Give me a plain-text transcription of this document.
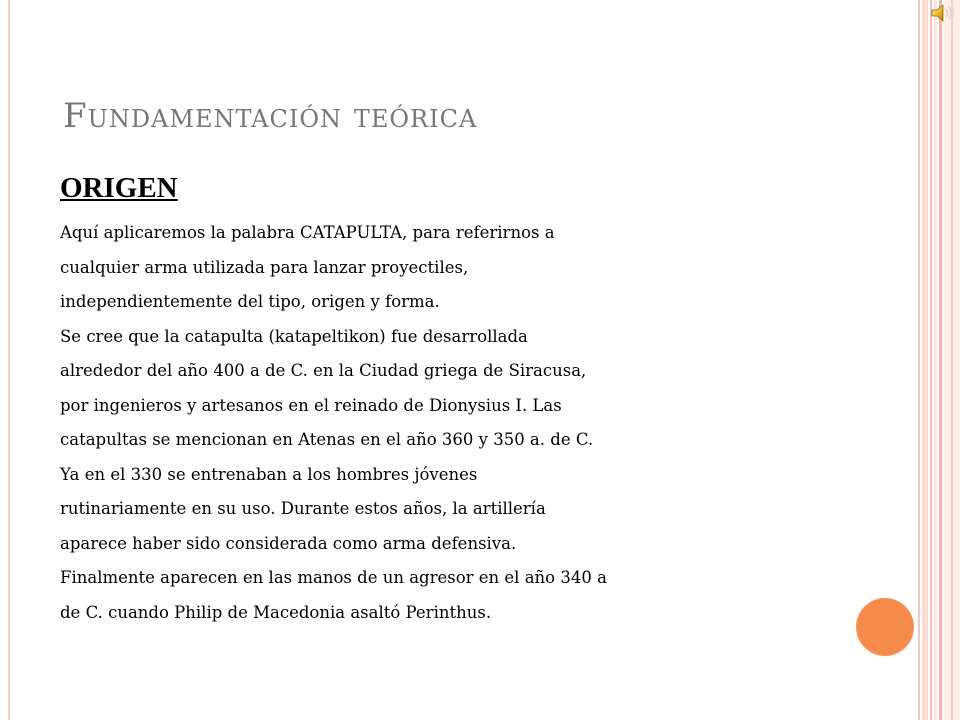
Fundamentación teórica
ORIGEN
Aquí aplicaremos la palabra CATAPULTA, para referirnos a
cualquier arma utilizada para lanzar proyectiles,
independientemente del tipo, origen y forma.
Se cree que la catapulta (katapeltikon) fue desarrollada
alrededor del año 400 a de C. en la Ciudad griega de Siracusa,
por ingenieros y artesanos en el reinado de Dionysius I. Las
catapultas se mencionan en Atenas en el año 360 y 350 a. de C.
Ya en el 330 se entrenaban a los hombres jóvenes
rutinariamente en su uso. Durante estos años, la artillería
aparece haber sido considerada como arma defensiva.
Finalmente aparecen en las manos de un agresor en el año 340 a
de C. cuando Philip de Macedonia asaltó Perinthus.
